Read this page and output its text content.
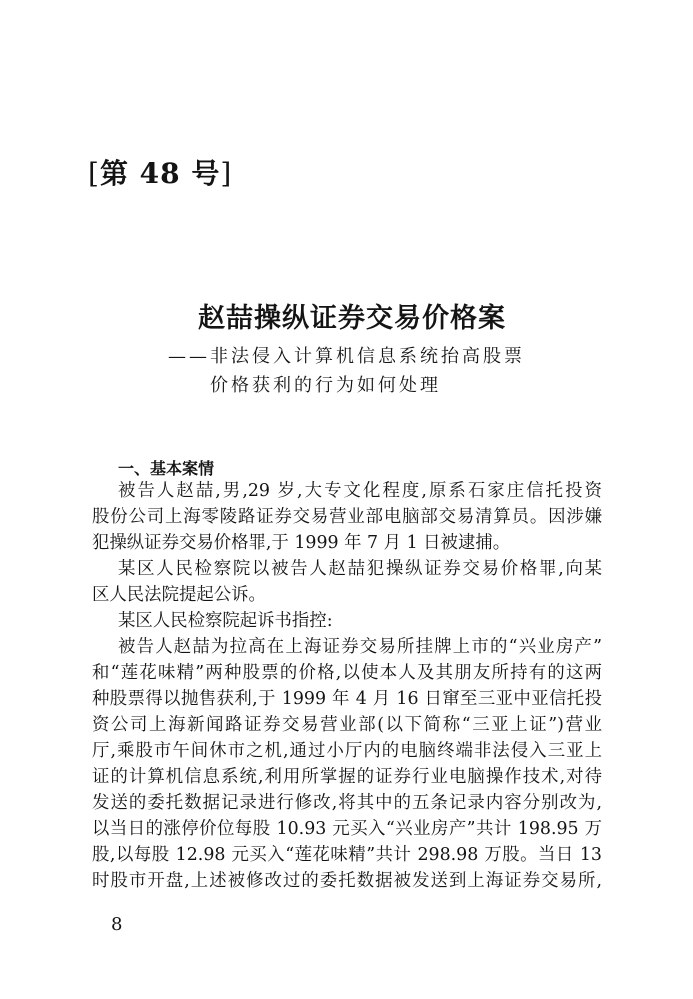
[第 48 号]
赵喆操纵证券交易价格案
——非法侵入计算机信息系统抬高股票
价格获利的行为如何处理
一、基本案情
被告人赵喆,男,29 岁,大专文化程度,原系石家庄信托投资
股份公司上海零陵路证券交易营业部电脑部交易清算员。因涉嫌
犯操纵证券交易价格罪,于 1999 年 7 月 1 日被逮捕。
某区人民检察院以被告人赵喆犯操纵证券交易价格罪,向某
区人民法院提起公诉。
某区人民检察院起诉书指控:
被告人赵喆为拉高在上海证券交易所挂牌上市的“兴业房产”
和“莲花味精”两种股票的价格,以使本人及其朋友所持有的这两
种股票得以抛售获利,于 1999 年 4 月 16 日窜至三亚中亚信托投
资公司上海新闻路证券交易营业部(以下简称“三亚上证”)营业
厅,乘股市午间休市之机,通过小厅内的电脑终端非法侵入三亚上
证的计算机信息系统,利用所掌握的证券行业电脑操作技术,对待
发送的委托数据记录进行修改,将其中的五条记录内容分别改为,
以当日的涨停价位每股 10.93 元买入“兴业房产”共计 198.95 万
股,以每股 12.98 元买入“莲花味精”共计 298.98 万股。当日 13
时股市开盘,上述被修改过的委托数据被发送到上海证券交易所,
8
